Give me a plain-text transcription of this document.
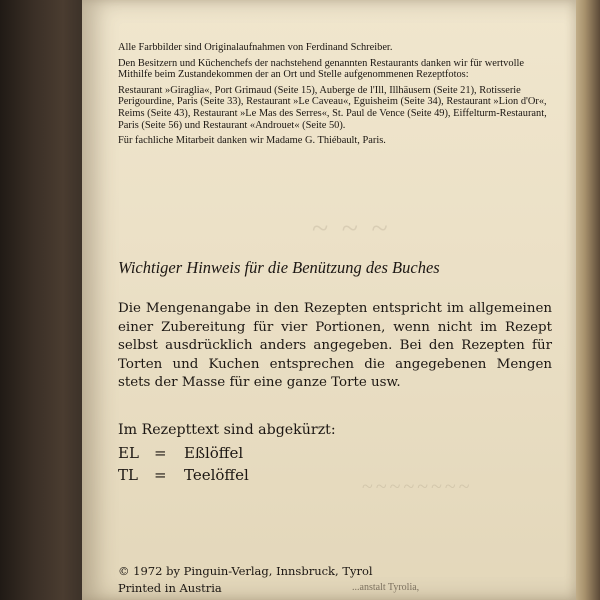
Alle Farbbilder sind Originalaufnahmen von Ferdinand Schreiber.

Den Besitzern und Küchenchefs der nachstehend genannten Restaurants danken wir für wertvolle Mithilfe beim Zustandekommen der an Ort und Stelle aufgenommenen Rezeptfotos:

Restaurant »Giraglia«, Port Grimaud (Seite 15), Auberge de l'Ill, Illhäusern (Seite 21), Rotisserie Perigourdine, Paris (Seite 33), Restaurant »Le Caveau«, Eguisheim (Seite 34), Restaurant »Lion d'Or«, Reims (Seite 43), Restaurant »Le Mas des Serres«, St. Paul de Vence (Seite 49), Eiffelturm-Restaurant, Paris (Seite 56) und Restaurant «Androuet« (Seite 50).

Für fachliche Mitarbeit danken wir Madame G. Thiébault, Paris.

~ ~ ~
~~~~~~~~
Wichtiger Hinweis für die Benützung des Buches
Die Mengenangabe in den Rezepten entspricht im allgemeinen einer Zubereitung für vier Portionen, wenn nicht im Rezept selbst ausdrücklich anders angegeben. Bei den Rezepten für Torten und Kuchen entsprechen die angegebenen Mengen stets der Masse für eine ganze Torte usw.
Im Rezepttext sind abgekürzt:
EL	=	Eßlöffel
TL	=	Teelöffel
© 1972 by Pinguin-Verlag, Innsbruck, Tyrol
Printed in Austria	...anstalt Tyrolia,
